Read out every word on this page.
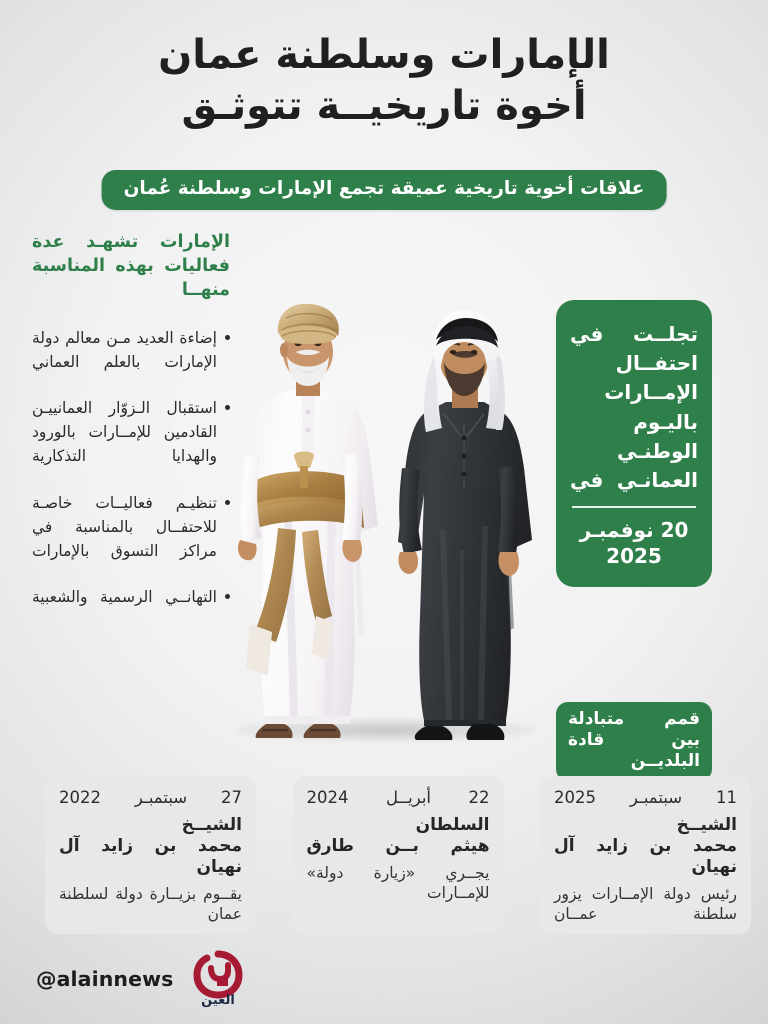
الإمارات وسلطنة عمان
أخوة تاريخيــة تتوثـق
علاقات أخوية تاريخية عميقة تجمع الإمارات وسلطنة عُمان
الإمارات تشهـد عدة فعاليات بهذه المناسبة منهــا
إضاءة العديد مـن معالم دولة الإمارات بالعلم العماني
استقبال الـزوّار العمانييـن القادمين للإمــارات بالورود والهدايا التذكارية
تنظيـم فعاليــات خاصـة للاحتفــال بالمناسبة في مراكز التسوق بالإمارات
التهانــي الرسمية والشعبية
تجلــت في احتفــال الإمــارات باليـوم الوطنـي العمانـي في
20 نوفمبـر 2025
قمم متبادلة بين قادة البلديــن
27 سبتمبـر 2022
الشيــخ
محمد بن زايد آل نهيان
يقــوم بزيــارة دولة لسلطنة عمان
22 أبريــل 2024
السلطان
هيثم بــن طارق
يجــري «زيارة دولة» للإمــارات
11 سبتمبـر 2025
الشيــخ
محمد بن زايد آل نهيان
رئيس دولة الإمــارات يزور سلطنة عمــان
العين
@alainnews
